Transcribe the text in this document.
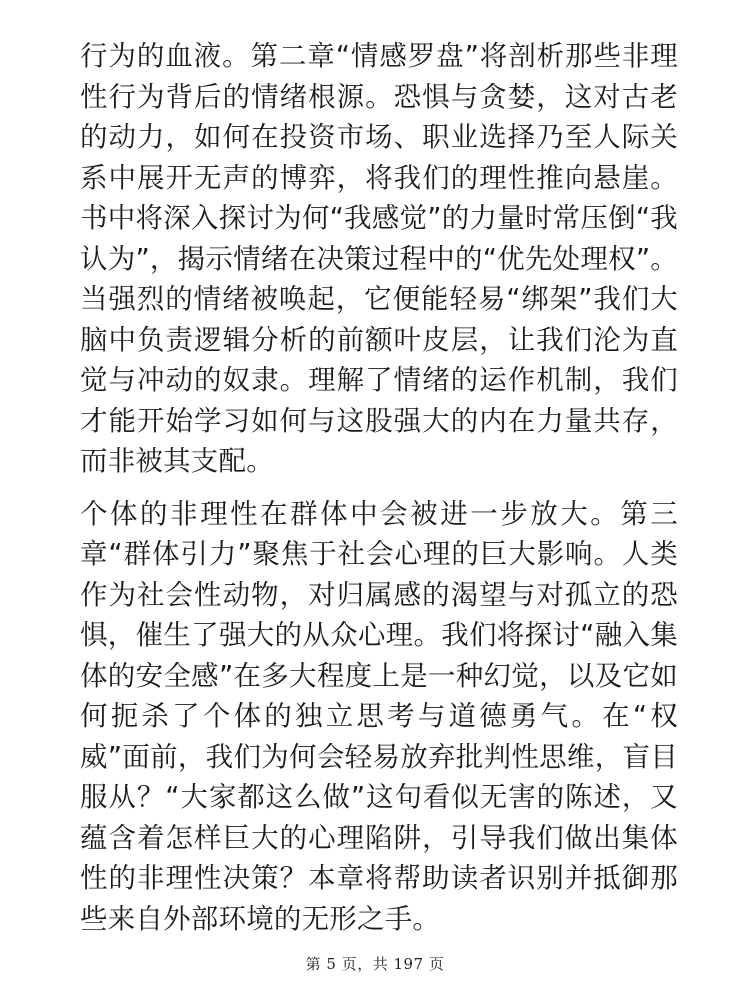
行为的血液。第二章“情感罗盘”将剖析那些非理性行为背后的情绪根源。恐惧与贪婪，这对古老的动力，如何在投资市场、职业选择乃至人际关系中展开无声的博弈，将我们的理性推向悬崖。书中将深入探讨为何“我感觉”的力量时常压倒“我认为”，揭示情绪在决策过程中的“优先处理权”。当强烈的情绪被唤起，它便能轻易“绑架”我们大脑中负责逻辑分析的前额叶皮层，让我们沦为直觉与冲动的奴隶。理解了情绪的运作机制，我们才能开始学习如何与这股强大的内在力量共存，而非被其支配。

个体的非理性在群体中会被进一步放大。第三章“群体引力”聚焦于社会心理的巨大影响。人类作为社会性动物，对归属感的渴望与对孤立的恐惧，催生了强大的从众心理。我们将探讨“融入集体的安全感”在多大程度上是一种幻觉，以及它如何扼杀了个体的独立思考与道德勇气。在“权威”面前，我们为何会轻易放弃批判性思维，盲目服从？“大家都这么做”这句看似无害的陈述，又蕴含着怎样巨大的心理陷阱，引导我们做出集体性的非理性决策？本章将帮助读者识别并抵御那些来自外部环境的无形之手。

第 5 页，共 197 页
